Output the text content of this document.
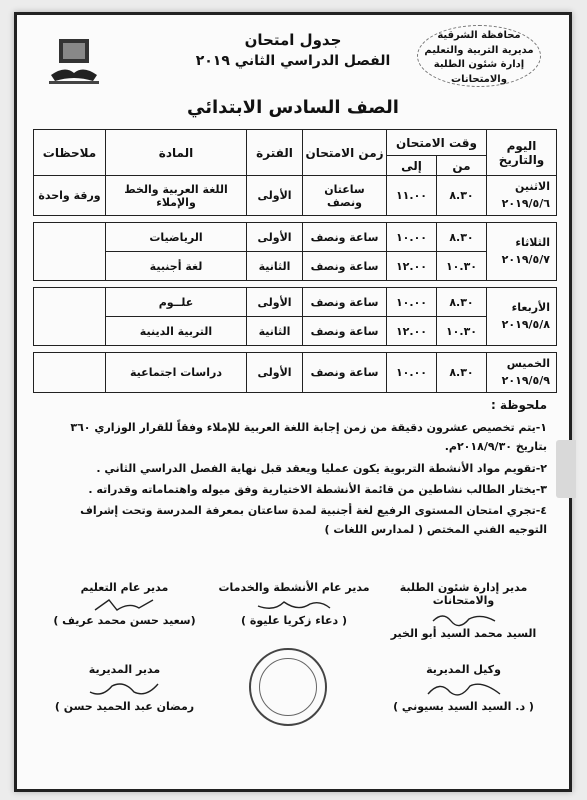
محافظة الشرقية
مديرية التربية والتعليم
إدارة شئون الطلبة والامتحانات
جدول امتحان
الفصل الدراسي الثاني ٢٠١٩
الصف السادس الابتدائي
اليوم والتاريخ	وقت الامتحان		زمن الامتحان	الفترة	المادة	ملاحظات
	من	إلى				

الاثنين
٢٠١٩/٥/٦	٨.٣٠	١١.٠٠	ساعتان ونصف	الأولى	اللغة العربية والخط والإملاء	ورقة واحدة

الثلاثاء
٢٠١٩/٥/٧	٨.٣٠	١٠.٠٠	ساعة ونصف	الأولى	الرياضيات	
	١٠.٣٠	١٢.٠٠	ساعة ونصف	الثانية	لغة أجنبية	

الأربعاء
٢٠١٩/٥/٨	٨.٣٠	١٠.٠٠	ساعة ونصف	الأولى	علــوم	
	١٠.٣٠	١٢.٠٠	ساعة ونصف	الثانية	التربية الدينية	

الخميس
٢٠١٩/٥/٩	٨.٣٠	١٠.٠٠	ساعة ونصف	الأولى	دراسات اجتماعية	
ملحوظة :
١-يتم تخصيص عشرون دقيقة من زمن إجابة اللغة العربية للإملاء وفقاً للقرار الوزاري ٣٦٠ بتاريخ ٢٠١٨/٩/٣٠م.
٢-تقويم مواد الأنشطة التربوية يكون عمليا ويعقد قبل نهاية الفصل الدراسي الثاني .
٣-يختار الطالب نشاطين من قائمة الأنشطة الاختيارية وفق ميوله واهتماماته وقدراته .
٤-تجري امتحان المستوى الرفيع لغة أجنبية لمدة ساعتان بمعرفة المدرسة وتحت إشراف التوجيه الفني المختص ( لمدارس اللغات )
مدير إدارة شئون الطلبة والامتحانات
السيد محمد السيد أبو الخير
مدير عام الأنشطة والخدمات
( دعاء زكريا عليوة )
مدير عام التعليم
(سعيد حسن محمد عريف )
وكيل المديرية
( د. السيد السيد بسيوني )
مدير المديرية
رمضان عبد الحميد حسن )
